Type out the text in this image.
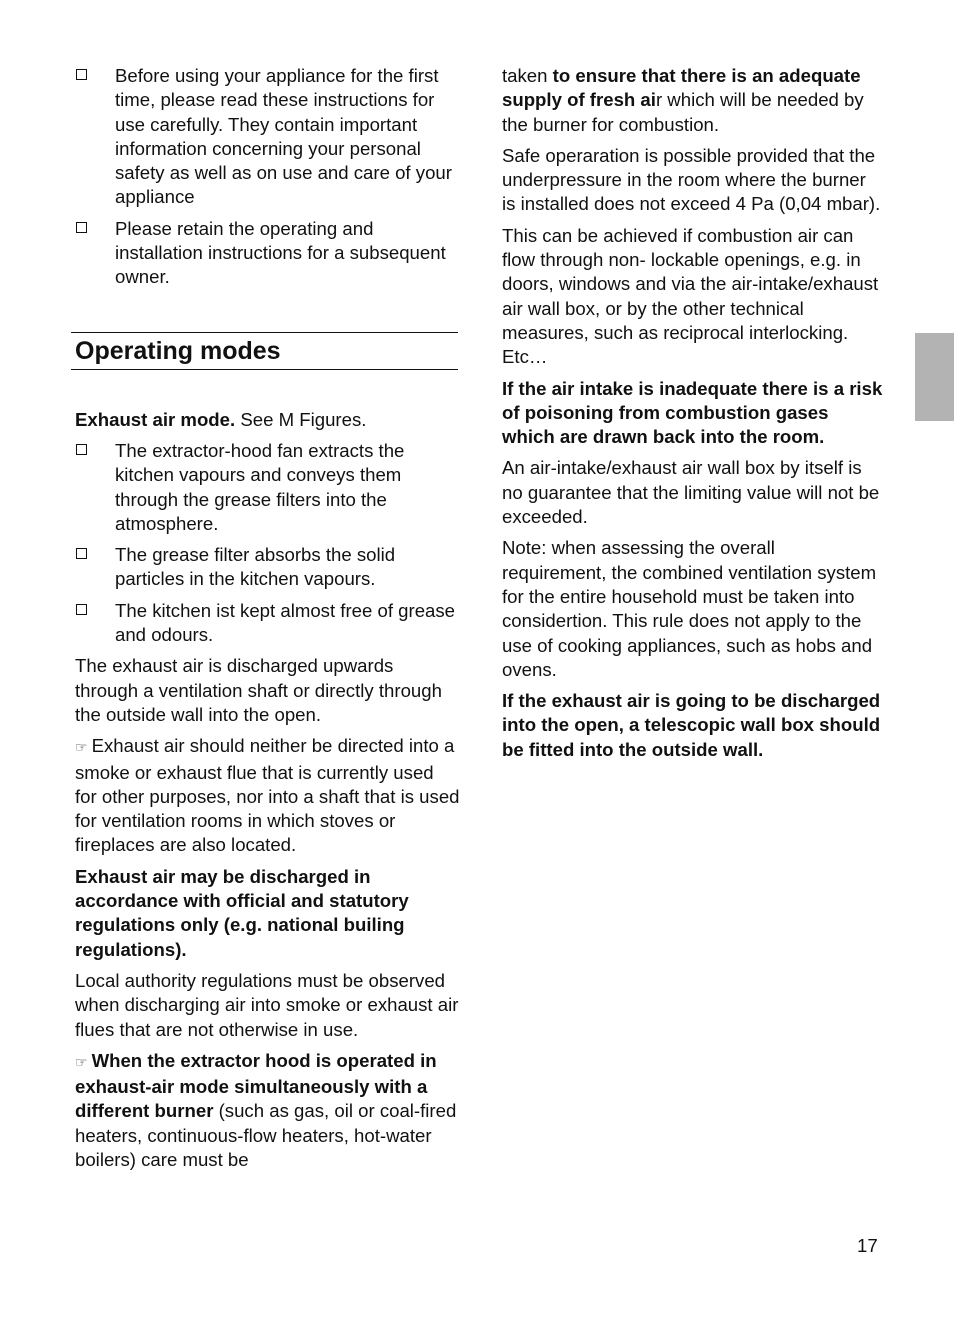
Before using your appliance for the first time, please read these instructions for use carefully. They contain important information concerning your personal safety as well as on use and care of your appliance
Please retain the operating and installation instructions for a subsequent owner.
Operating modes

Exhaust air mode. See M Figures.

The extractor-hood fan extracts the kitchen vapours and conveys them through the grease filters into the atmosphere.
The grease filter absorbs the solid particles in the kitchen vapours.
The kitchen ist kept almost free of grease and odours.

The exhaust air is discharged upwards through a ventilation shaft or directly through the outside wall into the open.

☞ Exhaust air should neither be directed into a smoke or exhaust flue that is currently used for other purposes, nor into a shaft that is used for ventilation rooms in which stoves or fireplaces are also located.

Exhaust air may be discharged in accordance with official and statutory regulations only (e.g. national builing regulations).

Local authority regulations must be observed when discharging air into smoke or exhaust air flues that are not otherwise in use.

☞ When the extractor hood is operated in exhaust-air mode simultaneously with a different burner (such as gas, oil or coal-fired heaters, continuous-flow heaters, hot-water boilers) care must be

taken to ensure that there is an adequate supply of fresh air which will be needed by the burner for combustion.

Safe operaration is possible provided that the underpressure in the room where the burner is installed does not exceed 4 Pa (0,04 mbar).

This can be achieved if combustion air can flow through non- lockable openings, e.g. in doors, windows and via the air-intake/exhaust air wall box, or by the other technical measures, such as reciprocal interlocking. Etc…

If the air intake is inadequate there is a risk of poisoning from combustion gases which are drawn back into the room.

An air-intake/exhaust air wall box by itself is no guarantee that the limiting value will not be exceeded.

Note: when assessing the overall requirement, the combined ventilation system for the entire household must be taken into considertion. This rule does not apply to the use of cooking appliances, such as hobs and ovens.

If the exhaust air is going to be discharged into the open, a telescopic wall box should be fitted into the outside wall.

17
